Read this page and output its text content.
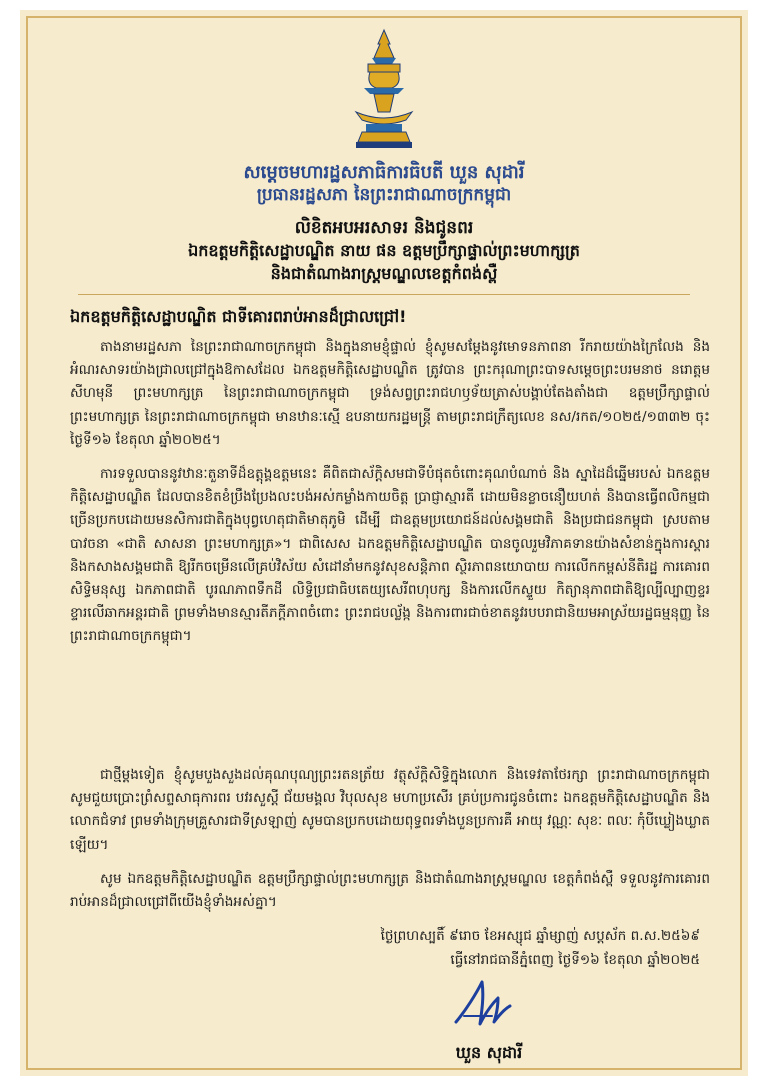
សម្តេចមហារដ្ឋសភាធិការធិបតី ឃួន សុដារី
ប្រធានរដ្ឋសភា នៃព្រះរាជាណាចក្រកម្ពុជា
លិខិតអបអរសាទរ និងជូនពរ
ឯកឧត្តមកិត្តិសេដ្ឋាបណ្ឌិត នាយ ផន ឧត្តមប្រឹក្សាផ្ទាល់ព្រះមហាក្សត្រ
និងជាតំណាងរាស្ត្រមណ្ឌលខេត្តកំពង់ស្ពឺ
ឯកឧត្តមកិត្តិសេដ្ឋាបណ្ឌិត ជាទីគោរពរាប់អានដ៏ជ្រាលជ្រៅ!

តាងនាមរដ្ឋសភា នៃព្រះរាជាណាចក្រកម្ពុជា និងក្នុងនាមខ្ញុំផ្ទាល់ ខ្ញុំសូមសម្តែងនូវមោទនភាពនា រីករាយយ៉ាងក្រៃលែង និងអំណរសាទរយ៉ាងជ្រាលជ្រៅក្នុងឱកាសដែល ឯកឧត្តមកិត្តិសេដ្ឋាបណ្ឌិត ត្រូវបាន ព្រះករុណាព្រះបាទសម្តេចព្រះបរមនាថ នរោត្តម សីហមុនី ព្រះមហាក្សត្រ នៃព្រះរាជាណាចក្រកម្ពុជា ទ្រង់សព្វព្រះរាជហឫទ័យត្រាស់បង្គាប់តែងតាំងជា ឧត្តមប្រឹក្សាផ្ទាល់ព្រះមហាក្សត្រ នៃព្រះរាជាណាចក្រកម្ពុជា មានឋានៈស្មើ ឧបនាយករដ្ឋមន្ត្រី តាមព្រះរាជក្រឹត្យលេខ នស/រកត/១០២៥/១៣៣២ ចុះថ្ងៃទី១៦ ខែតុលា ឆ្នាំ២០២៥។

ការទទួលបាននូវឋានៈតួនាទីដ៏ឧត្តុង្គឧត្តមនេះ គឺពិតជាស័ក្តិសមជាទីបំផុតចំពោះគុណបំណាច់ និង ស្នាដៃដ៏ឆ្នើមរបស់ ឯកឧត្តមកិត្តិសេដ្ឋាបណ្ឌិត ដែលបានខិតខំប្រឹងប្រែងលះបង់អស់កម្លាំងកាយចិត្ត ប្រាជ្ញាស្មារតី ដោយមិនខ្លាចនឿយហត់ និងបានធ្វើពលិកម្មជាច្រើនប្រកបដោយមនសិការជាតិក្នុងបុព្វហេតុជាតិមាតុភូមិ ដើម្បី ជាឧត្តមប្រយោជន៍ដល់សង្គមជាតិ និងប្រជាជនកម្ពុជា ស្របតាមបាវចនា «ជាតិ សាសនា ព្រះមហាក្សត្រ»។ ជាពិសេស ឯកឧត្តមកិត្តិសេដ្ឋាបណ្ឌិត បានចូលរួមវិភាគទានយ៉ាងសំខាន់ក្នុងការស្តារ និងកសាងសង្គមជាតិ ឱ្យរីកចម្រើនលើគ្រប់វិស័យ សំដៅនាំមកនូវសុខសន្តិភាព ស្ថិរភាពនយោបាយ ការលើកកម្ពស់នីតិរដ្ឋ ការគោរពសិទ្ធិមនុស្ស ឯកភាពជាតិ បូរណភាពទឹកដី លិទ្ធិប្រជាធិបតេយ្យសេរីពហុបក្ស និងការលើកស្ទួយ កិត្យានុភាពជាតិឱ្យល្បីល្បាញខ្ទរខ្ទារលើឆាកអន្តរជាតិ ព្រមទាំងមានស្មារតីភក្តីភាពចំពោះ ព្រះរាជបល្ល័ង្ក និងការពារជាច់ខាតនូវរបបរាជានិយមអាស្រ័យរដ្ឋធម្មនុញ្ញ នៃព្រះរាជាណាចក្រកម្ពុជា។

ជាថ្មីម្តងទៀត ខ្ញុំសូមបួងសួងដល់គុណបុណ្យព្រះរតនត្រ័យ វត្ថុស័ក្តិសិទ្ធិក្នុងលោក និងទេវតាថែរក្សា ព្រះរាជាណាចក្រកម្ពុជា សូមជួយប្រោះព្រំសព្ទសាធុការពរ បវរសួស្តី ជ័យមង្គល វិបុលសុខ មហាប្រសើរ គ្រប់ប្រការជូនចំពោះ ឯកឧត្តមកិត្តិសេដ្ឋាបណ្ឌិត និង លោកជំទាវ ព្រមទាំងក្រុមគ្រួសារជាទីស្រឡាញ់ សូមបានប្រកបដោយពុទ្ធពរទាំងបួនប្រការគឺ អាយុ វណ្ណៈ សុខៈ ពលៈ កុំបីឃ្លៀងឃ្លាតឡើយ។

សូម ឯកឧត្តមកិត្តិសេដ្ឋាបណ្ឌិត ឧត្តមប្រឹក្សាផ្ទាល់ព្រះមហាក្សត្រ និងជាតំណាងរាស្ត្រមណ្ឌល ខេត្តកំពង់ស្ពឺ ទទួលនូវការគោរពរាប់អានដ៏ជ្រាលជ្រៅពីយើងខ្ញុំទាំងអស់គ្នា។

ថ្ងៃព្រហស្បតិ៍ ៩រោច ខែអស្សុជ ឆ្នាំម្សាញ់ សប្តស័ក ព.ស.២៥៦៩
ធ្វើនៅរាជធានីភ្នំពេញ ថ្ងៃទី១៦ ខែតុលា ឆ្នាំ២០២៥
ឃួន សុដារី
